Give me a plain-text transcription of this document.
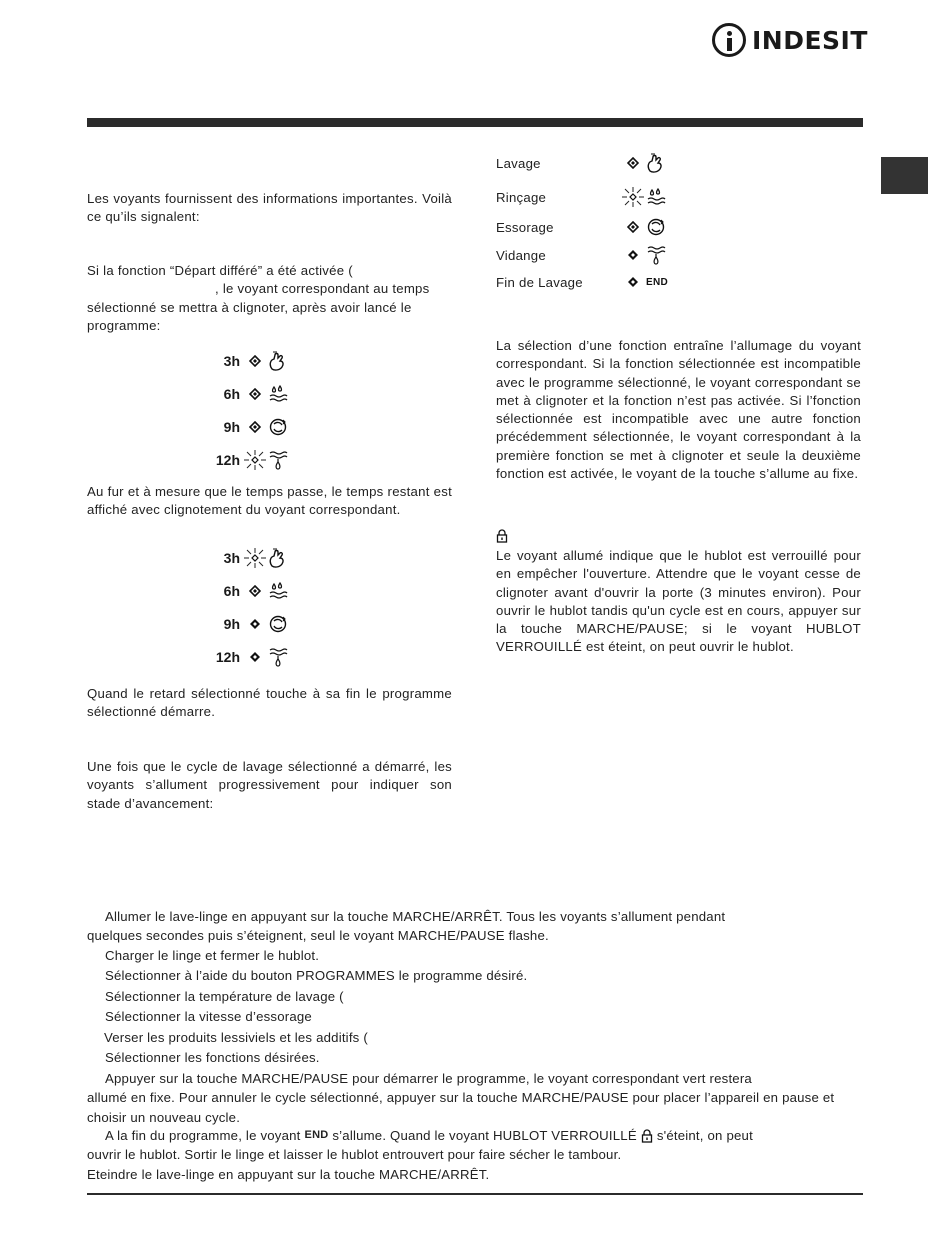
INDESIT

Les voyants fournissent des informations importantes. Voilà ce qu’ils signalent:

Si la fonction “Départ différé” a été activée (
, le voyant correspondant au temps
sélectionné se mettra à clignoter, après avoir lancé le
programme:
3h
6h
9h
12h

Au fur et à mesure que le temps passe, le temps restant est affiché avec clignotement du voyant correspondant.

3h
6h
9h
12h

Quand le retard sélectionné touche à sa fin le programme sélectionné démarre.

Une fois que le cycle de lavage sélectionné a démarré, les voyants s’allument progressivement pour indiquer son stade d’avancement:

Lavage
Rinçage
Essorage
Vidange
Fin de Lavage	END

La sélection d’une fonction entraîne l’allumage du voyant correspondant. Si la fonction sélectionnée est incompatible avec le programme sélectionné, le voyant correspondant se met à clignoter et la fonction n’est pas activée. Si l’fonction sélectionnée est incompatible avec une autre fonction précédemment sélectionnée, le voyant correspondant à la première fonction se met à clignoter et seule la deuxième fonction est activée, le voyant de la touche s’allume au fixe.

Le voyant allumé indique que le hublot est verrouillé pour en empêcher l'ouverture. Attendre que le voyant cesse de clignoter avant d'ouvrir la porte (3 minutes environ). Pour ouvrir le hublot tandis qu'un cycle est en cours, appuyer sur la touche MARCHE/PAUSE; si le voyant HUBLOT VERROUILLÉ est éteint, on peut ouvrir le hublot.

Allumer le lave-linge en appuyant sur la touche MARCHE/ARRÊT. Tous les voyants s’allument pendant
quelques secondes puis s’éteignent, seul le voyant MARCHE/PAUSE flashe.
Charger le linge et fermer le hublot.
Sélectionner à l’aide du bouton PROGRAMMES le programme désiré.
Sélectionner la température de lavage (
Sélectionner la vitesse d’essorage
Verser les produits lessiviels et les additifs (
Sélectionner les fonctions désirées.
Appuyer sur la touche MARCHE/PAUSE pour démarrer le programme, le voyant correspondant vert restera

allumé en fixe. Pour annuler le cycle sélectionné, appuyer sur la touche MARCHE/PAUSE pour placer l’appareil en pause et choisir un nouveau cycle.

A la fin du programme, le voyant END s’allume. Quand le voyant HUBLOT VERROUILLÉ s'éteint, on peut
ouvrir le hublot. Sortir le linge et laisser le hublot entrouvert pour faire sécher le tambour.
Eteindre le lave-linge en appuyant sur la touche MARCHE/ARRÊT.
